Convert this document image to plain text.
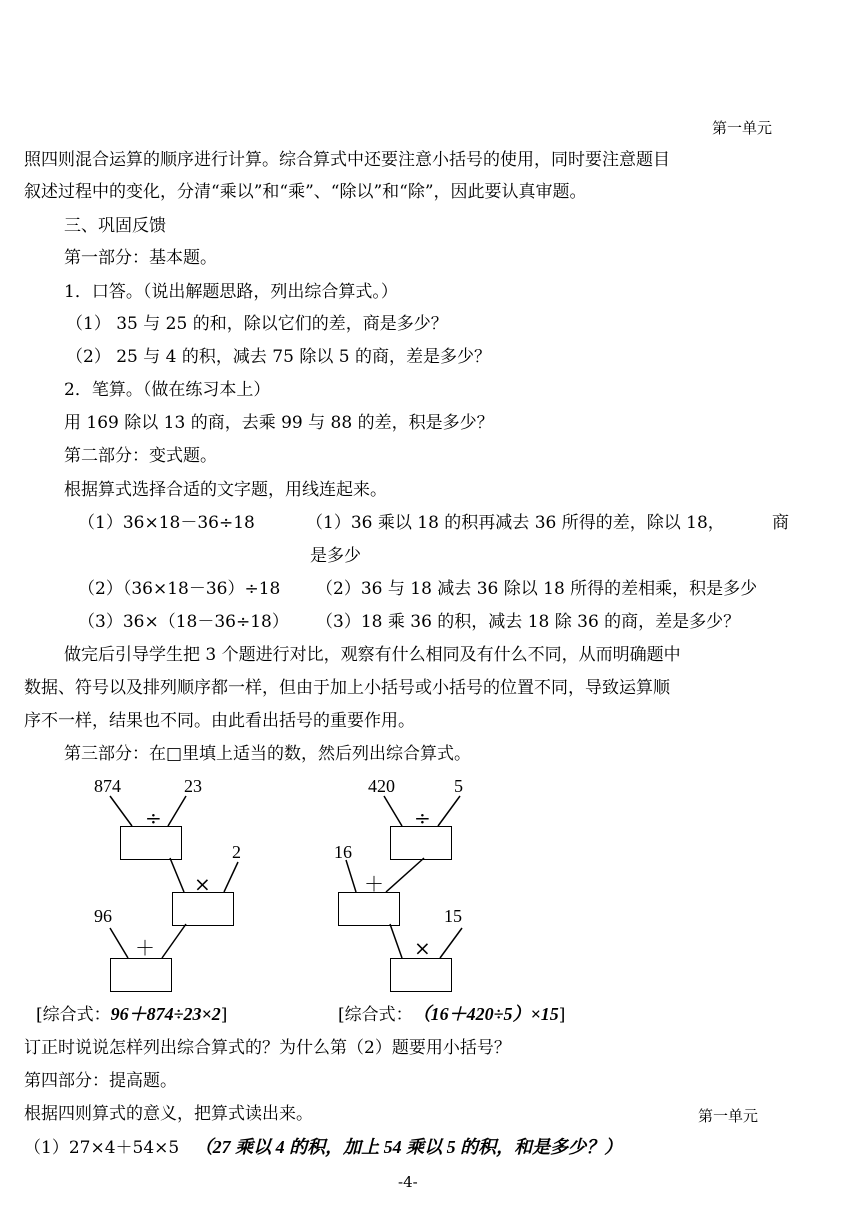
第一单元
照四则混合运算的顺序进行计算。综合算式中还要注意小括号的使用，同时要注意题目
叙述过程中的变化，分清“乘以”和“乘”、“除以”和“除”，因此要认真审题。
三、巩固反馈
第一部分：基本题。
1．口答。（说出解题思路，列出综合算式。）
（1） 35 与 25 的和，除以它们的差，商是多少？
（2） 25 与 4 的积，减去 75 除以 5 的商，差是多少？
2．笔算。（做在练习本上）
用 169 除以 13 的商，去乘 99 与 88 的差，积是多少？
第二部分：变式题。
根据算式选择合适的文字题，用线连起来。
（1）36×18－36÷18	（1）36 乘以 18 的积再减去 36 所得的差，除以 18，	商
是多少
（2）（36×18－36）÷18 （2）36 与 18 减去 36 除以 18 所得的差相乘，积是多少
（3）36×（18－36÷18） （3）18 乘 36 的积，减去 18 除 36 的商，差是多少？
做完后引导学生把 3 个题进行对比，观察有什么相同及有什么不同，从而明确题中
数据、符号以及排列顺序都一样，但由于加上小括号或小括号的位置不同，导致运算顺
序不一样，结果也不同。由此看出括号的重要作用。
第三部分：在□里填上适当的数，然后列出综合算式。
874	23
÷
2
×
96
＋
420	5
÷
16
＋
15
×
[综合式：96＋874÷23×2]	[综合式：（16＋420÷5）×15]
订正时说说怎样列出综合算式的？为什么第（2）题要用小括号？
第四部分：提高题。
根据四则算式的意义，把算式读出来。	第一单元
（1）27×4＋54×5 （27 乘以 4 的积，加上 54 乘以 5 的积，和是多少？）
-4-
